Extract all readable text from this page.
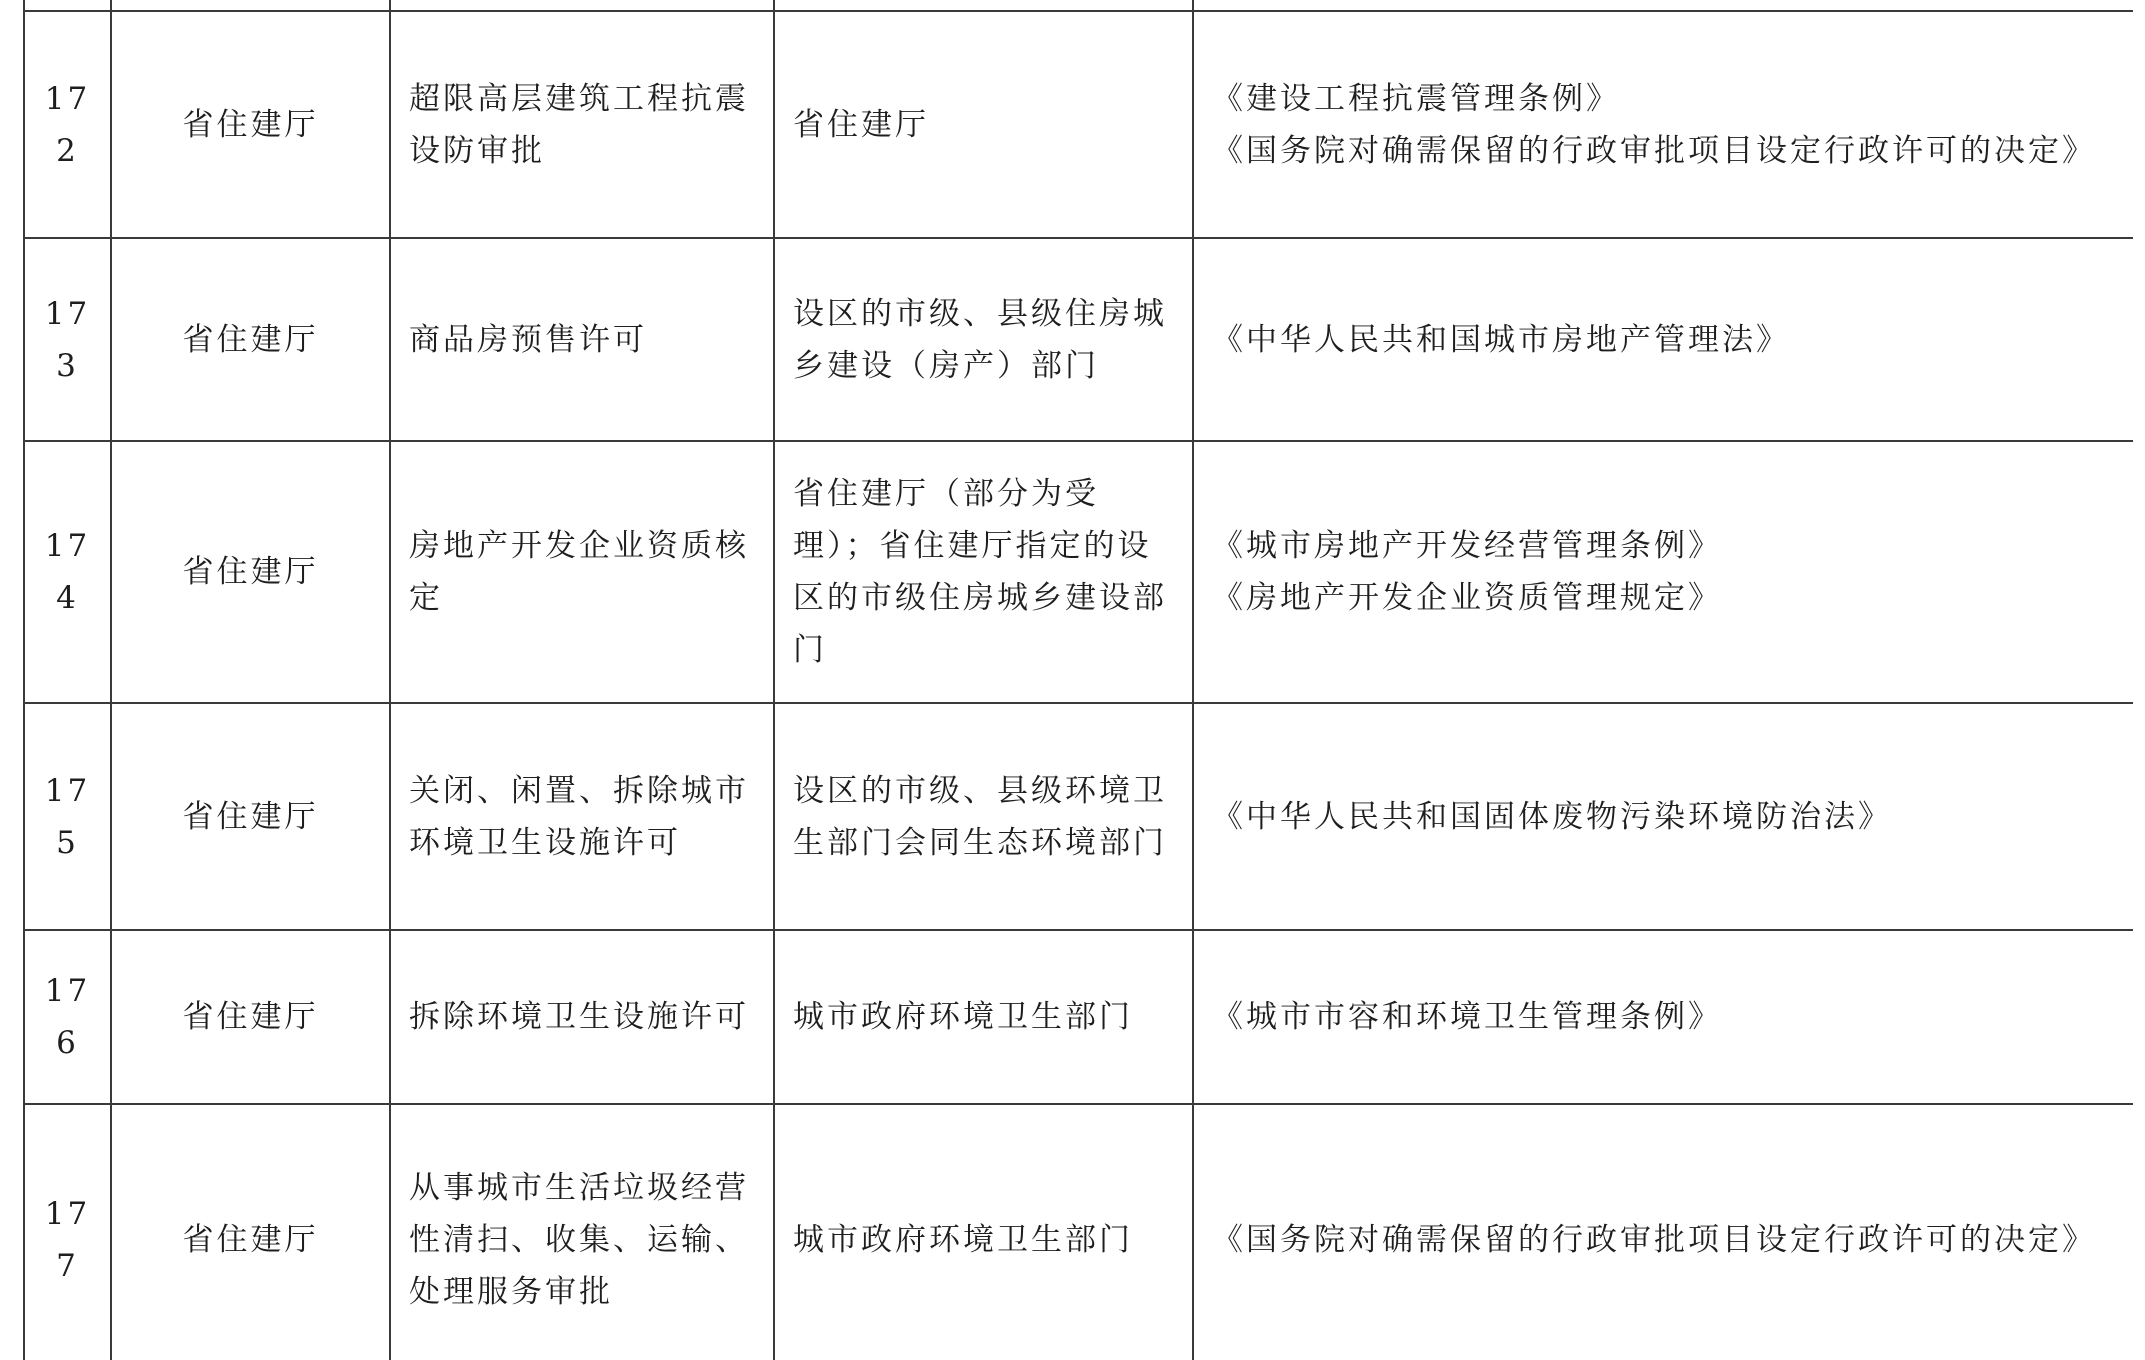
172	省住建厅	超限高层建筑工程抗震设防审批	省住建厅	《建设工程抗震管理条例》
《国务院对确需保留的行政审批项目设定行政许可的决定》

173	省住建厅	商品房预售许可	设区的市级、县级住房城乡建设（房产）部门	《中华人民共和国城市房地产管理法》

174	省住建厅	房地产开发企业资质核定	省住建厅（部分为受理）；省住建厅指定的设区的市级住房城乡建设部门	《城市房地产开发经营管理条例》
《房地产开发企业资质管理规定》

175	省住建厅	关闭、闲置、拆除城市环境卫生设施许可	设区的市级、县级环境卫生部门会同生态环境部门	《中华人民共和国固体废物污染环境防治法》

176	省住建厅	拆除环境卫生设施许可	城市政府环境卫生部门	《城市市容和环境卫生管理条例》

177	省住建厅	从事城市生活垃圾经营性清扫、收集、运输、处理服务审批	城市政府环境卫生部门	《国务院对确需保留的行政审批项目设定行政许可的决定》
